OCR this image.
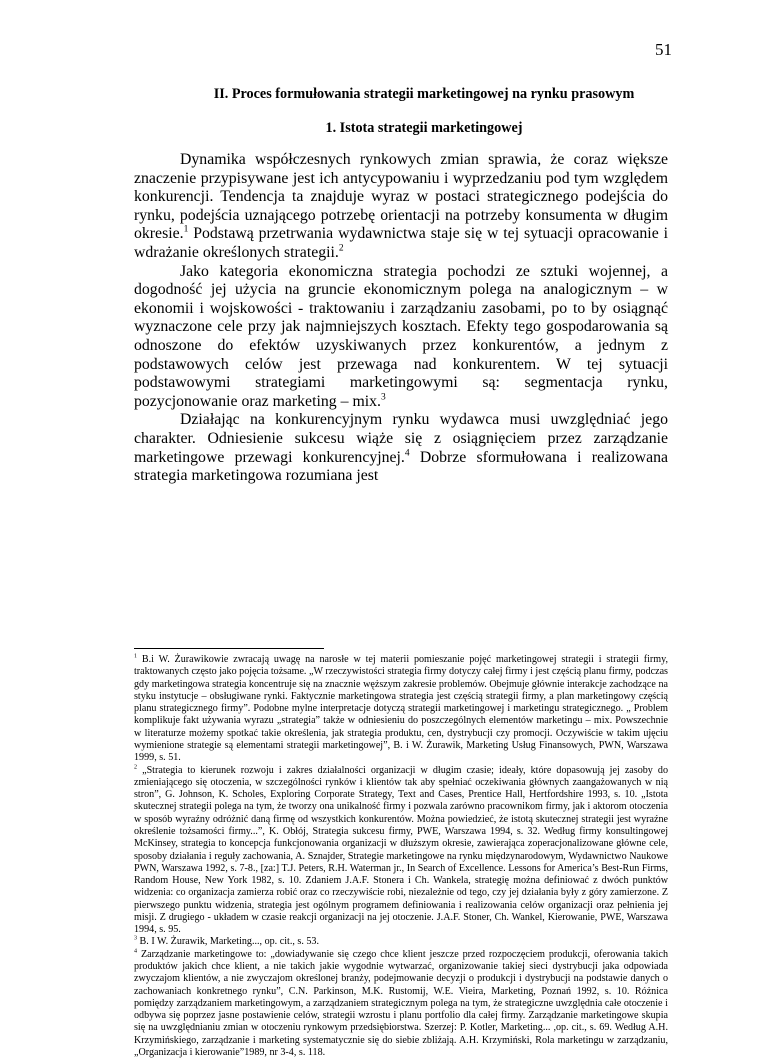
51
II. Proces formułowania strategii marketingowej na rynku prasowym
1. Istota strategii marketingowej

Dynamika współczesnych rynkowych zmian sprawia, że coraz większe znaczenie przypisywane jest ich antycypowaniu i wyprzedzaniu pod tym względem konkurencji. Tendencja ta znajduje wyraz w postaci strategicznego podejścia do rynku, podejścia uznającego potrzebę orientacji na potrzeby konsumenta w długim okresie.$^1$ Podstawą przetrwania wydawnictwa staje się w tej sytuacji opracowanie i wdrażanie określonych strategii.$^2$

Jako kategoria ekonomiczna strategia pochodzi ze sztuki wojennej, a dogodność jej użycia na gruncie ekonomicznym polega na analogicznym – w ekonomii i wojskowości - traktowaniu i zarządzaniu zasobami, po to by osiągnąć wyznaczone cele przy jak najmniejszych kosztach. Efekty tego gospodarowania są odnoszone do efektów uzyskiwanych przez konkurentów, a jednym z podstawowych celów jest przewaga nad konkurentem. W tej sytuacji podstawowymi strategiami marketingowymi są: segmentacja rynku, pozycjonowanie oraz marketing – mix.$^3$

Działając na konkurencyjnym rynku wydawca musi uwzględniać jego charakter. Odniesienie sukcesu wiąże się z osiągnięciem przez zarządzanie marketingowe przewagi konkurencyjnej.$^4$ Dobrze sformułowana i realizowana strategia marketingowa rozumiana jest

$^1$ B.i W. Żurawikowie zwracają uwagę na narosłe w tej materii pomieszanie pojęć marketingowej strategii i strategii firmy, traktowanych często jako pojęcia tożsame. „W rzeczywistości strategia firmy dotyczy całej firmy i jest częścią planu firmy, podczas gdy marketingowa strategia koncentruje się na znacznie węższym zakresie problemów. Obejmuje głównie interakcje zachodzące na styku instytucje – obsługiwane rynki. Faktycznie marketingowa strategia jest częścią strategii firmy, a plan marketingowy częścią planu strategicznego firmy”. Podobne mylne interpretacje dotyczą strategii marketingowej i marketingu strategicznego. „ Problem komplikuje fakt używania wyrazu „strategia” także w odniesieniu do poszczególnych elementów marketingu – mix. Powszechnie w literaturze możemy spotkać takie określenia, jak strategia produktu, cen, dystrybucji czy promocji. Oczywiście w takim ujęciu wymienione strategie są elementami strategii marketingowej”, B. i W. Żurawik, Marketing Usług Finansowych, PWN, Warszawa 1999, s. 51.

$^2$ „Strategia to kierunek rozwoju i zakres działalności organizacji w długim czasie; ideały, które dopasowują jej zasoby do zmieniającego się otoczenia, w szczególności rynków i klientów tak aby spełniać oczekiwania głównych zaangażowanych w nią stron”, G. Johnson, K. Scholes, Exploring Corporate Strategy, Text and Cases, Prentice Hall, Hertfordshire 1993, s. 10. „Istota skutecznej strategii polega na tym, że tworzy ona unikalność firmy i pozwala zarówno pracownikom firmy, jak i aktorom otoczenia w sposób wyraźny odróżnić daną firmę od wszystkich konkurentów. Można powiedzieć, że istotą skutecznej strategii jest wyraźne określenie tożsamości firmy...”, K. Obłój, Strategia sukcesu firmy, PWE, Warszawa 1994, s. 32. Według firmy konsultingowej McKinsey, strategia to koncepcja funkcjonowania organizacji w dłuższym okresie, zawierająca zoperacjonalizowane główne cele, sposoby działania i reguły zachowania, A. Sznajder, Strategie marketingowe na rynku międzynarodowym, Wydawnictwo Naukowe PWN, Warszawa 1992, s. 7-8., [za:] T.J. Peters, R.H. Waterman jr., In Search of Excellence. Lessons for America’s Best-Run Firms, Random House, New York 1982, s. 10. Zdaniem J.A.F. Stonera i Ch. Wankela, strategię można definiować z dwóch punktów widzenia: co organizacja zamierza robić oraz co rzeczywiście robi, niezależnie od tego, czy jej działania były z góry zamierzone. Z pierwszego punktu widzenia, strategia jest ogólnym programem definiowania i realizowania celów organizacji oraz pełnienia jej misji. Z drugiego - układem w czasie reakcji organizacji na jej otoczenie. J.A.F. Stoner, Ch. Wankel, Kierowanie, PWE, Warszawa 1994, s. 95.

$^3$ B. I W. Żurawik, Marketing..., op. cit., s. 53.

$^4$ Zarządzanie marketingowe to: „dowiadywanie się czego chce klient jeszcze przed rozpoczęciem produkcji, oferowania takich produktów jakich chce klient, a nie takich jakie wygodnie wytwarzać, organizowanie takiej sieci dystrybucji jaka odpowiada zwyczajom klientów, a nie zwyczajom określonej branży, podejmowanie decyzji o produkcji i dystrybucji na podstawie danych o zachowaniach konkretnego rynku”, C.N. Parkinson, M.K. Rustomij, W.E. Vieira, Marketing, Poznań 1992, s. 10. Różnica pomiędzy zarządzaniem marketingowym, a zarządzaniem strategicznym polega na tym, że strategiczne uwzględnia całe otoczenie i odbywa się poprzez jasne postawienie celów, strategii wzrostu i planu portfolio dla całej firmy. Zarządzanie marketingowe skupia się na uwzględnianiu zmian w otoczeniu rynkowym przedsiębiorstwa. Szerzej: P. Kotler, Marketing... ,op. cit., s. 69. Według A.H. Krzymińskiego, zarządzanie i marketing systematycznie się do siebie zbliżają. A.H. Krzymiński, Rola marketingu w zarządzaniu, „Organizacja i kierowanie”1989, nr 3-4, s. 118.
